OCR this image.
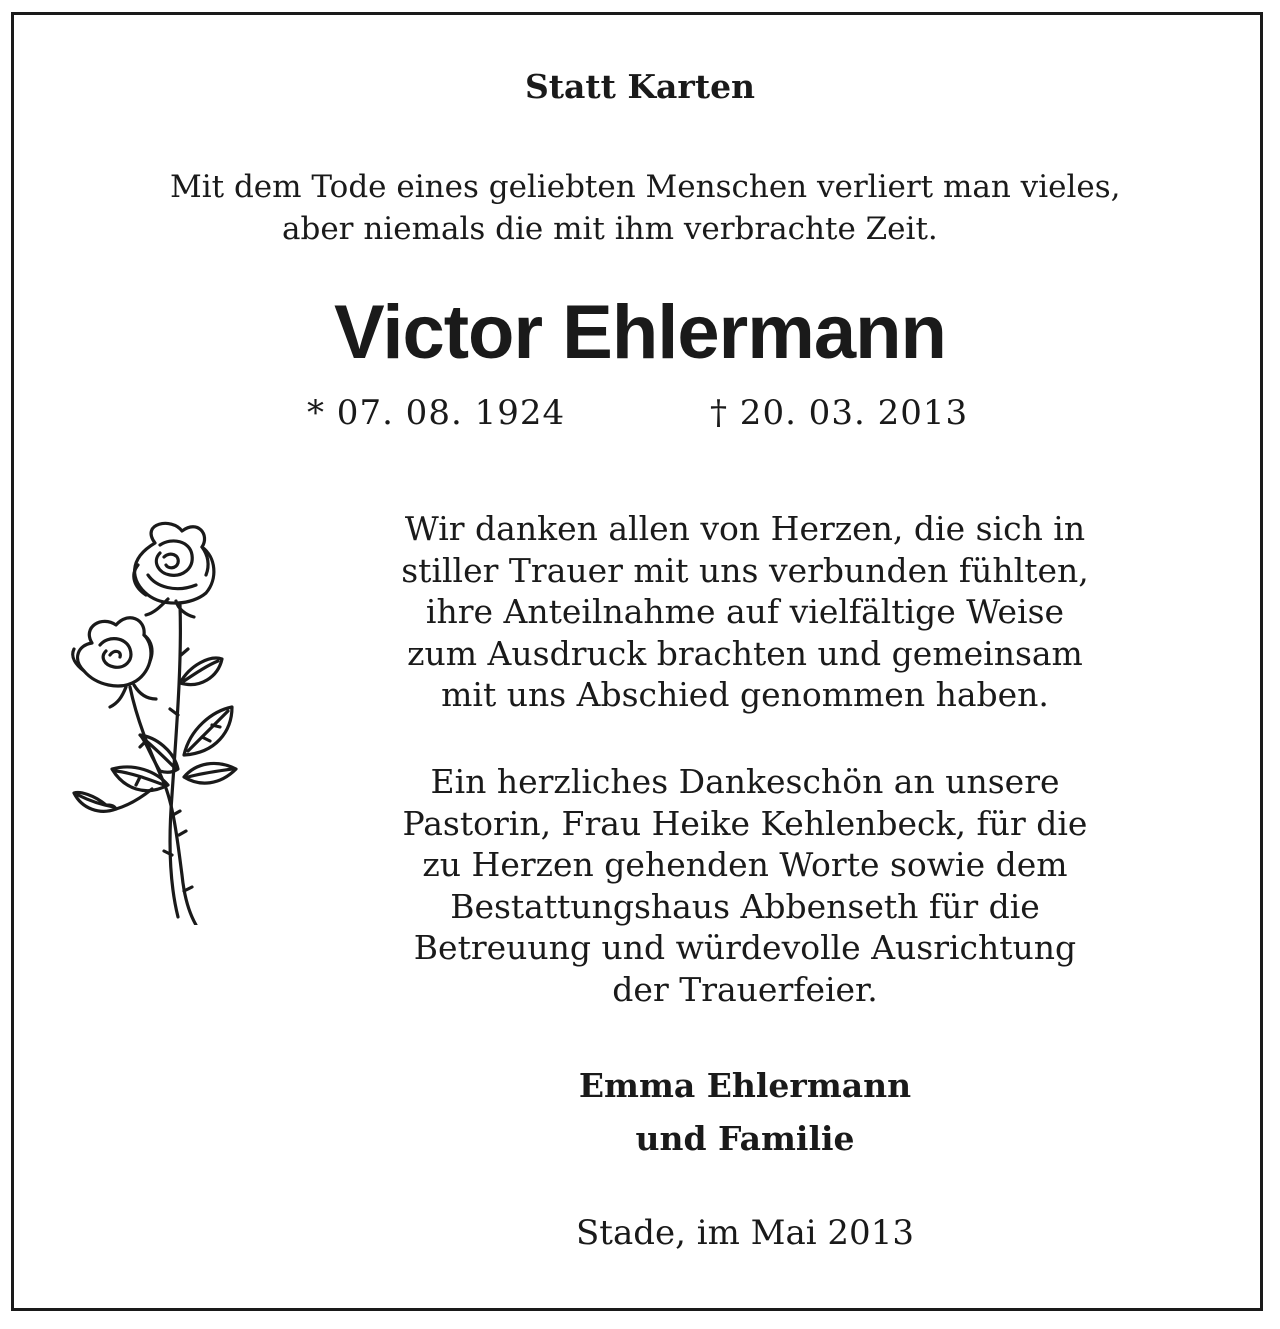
Statt Karten

Mit dem Tode eines geliebten Menschen verliert man vieles,

aber niemals die mit ihm verbrachte Zeit.

Victor Ehlermann

* 07. 08. 1924	† 20. 03. 2013

Wir danken allen von Herzen, die sich in
stiller Trauer mit uns verbunden fühlten,
ihre Anteilnahme auf vielfältige Weise
zum Ausdruck brachten und gemeinsam
mit uns Abschied genommen haben.

Ein herzliches Dankeschön an unsere
Pastorin, Frau Heike Kehlenbeck, für die
zu Herzen gehenden Worte sowie dem
Bestattungshaus Abbenseth für die
Betreuung und würdevolle Ausrichtung
der Trauerfeier.

Emma Ehlermann

und Familie

Stade, im Mai 2013
